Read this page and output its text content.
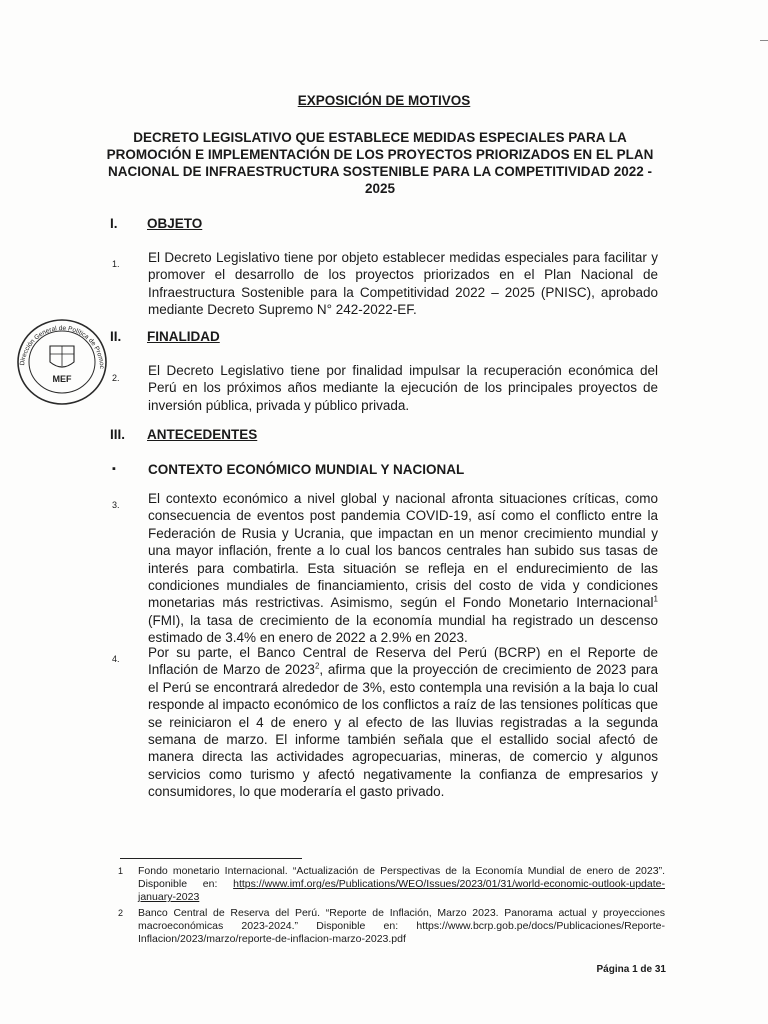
EXPOSICIÓN DE MOTIVOS
DECRETO LEGISLATIVO QUE ESTABLECE MEDIDAS ESPECIALES PARA LA PROMOCIÓN E IMPLEMENTACIÓN DE LOS PROYECTOS PRIORIZADOS EN EL PLAN NACIONAL DE INFRAESTRUCTURA SOSTENIBLE PARA LA COMPETITIVIDAD 2022 - 2025
I. OBJETO
1. El Decreto Legislativo tiene por objeto establecer medidas especiales para facilitar y promover el desarrollo de los proyectos priorizados en el Plan Nacional de Infraestructura Sostenible para la Competitividad 2022 – 2025 (PNISC), aprobado mediante Decreto Supremo N° 242-2022-EF.
Dirección General de Política de Promoc
MEF
II. FINALIDAD
2. El Decreto Legislativo tiene por finalidad impulsar la recuperación económica del Perú en los próximos años mediante la ejecución de los principales proyectos de inversión pública, privada y público privada.
III. ANTECEDENTES
▪ CONTEXTO ECONÓMICO MUNDIAL Y NACIONAL
3. El contexto económico a nivel global y nacional afronta situaciones críticas, como consecuencia de eventos post pandemia COVID-19, así como el conflicto entre la Federación de Rusia y Ucrania, que impactan en un menor crecimiento mundial y una mayor inflación, frente a lo cual los bancos centrales han subido sus tasas de interés para combatirla. Esta situación se refleja en el endurecimiento de las condiciones mundiales de financiamiento, crisis del costo de vida y condiciones monetarias más restrictivas. Asimismo, según el Fondo Monetario Internacional$^1$ (FMI), la tasa de crecimiento de la economía mundial ha registrado un descenso estimado de 3.4% en enero de 2022 a 2.9% en 2023.
4. Por su parte, el Banco Central de Reserva del Perú (BCRP) en el Reporte de Inflación de Marzo de 2023$^2$, afirma que la proyección de crecimiento de 2023 para el Perú se encontrará alrededor de 3%, esto contempla una revisión a la baja lo cual responde al impacto económico de los conflictos a raíz de las tensiones políticas que se reiniciaron el 4 de enero y al efecto de las lluvias registradas a la segunda semana de marzo. El informe también señala que el estallido social afectó de manera directa las actividades agropecuarias, mineras, de comercio y algunos servicios como turismo y afectó negativamente la confianza de empresarios y consumidores, lo que moderaría el gasto privado.
1 Fondo monetario Internacional. “Actualización de Perspectivas de la Economía Mundial de enero de 2023”. Disponible en: https://www.imf.org/es/Publications/WEO/Issues/2023/01/31/world-economic-outlook-update-january-2023
2 Banco Central de Reserva del Perú. “Reporte de Inflación, Marzo 2023. Panorama actual y proyecciones macroeconómicas 2023-2024.” Disponible en: https://www.bcrp.gob.pe/docs/Publicaciones/Reporte-Inflacion/2023/marzo/reporte-de-inflacion-marzo-2023.pdf
Página 1 de 31
